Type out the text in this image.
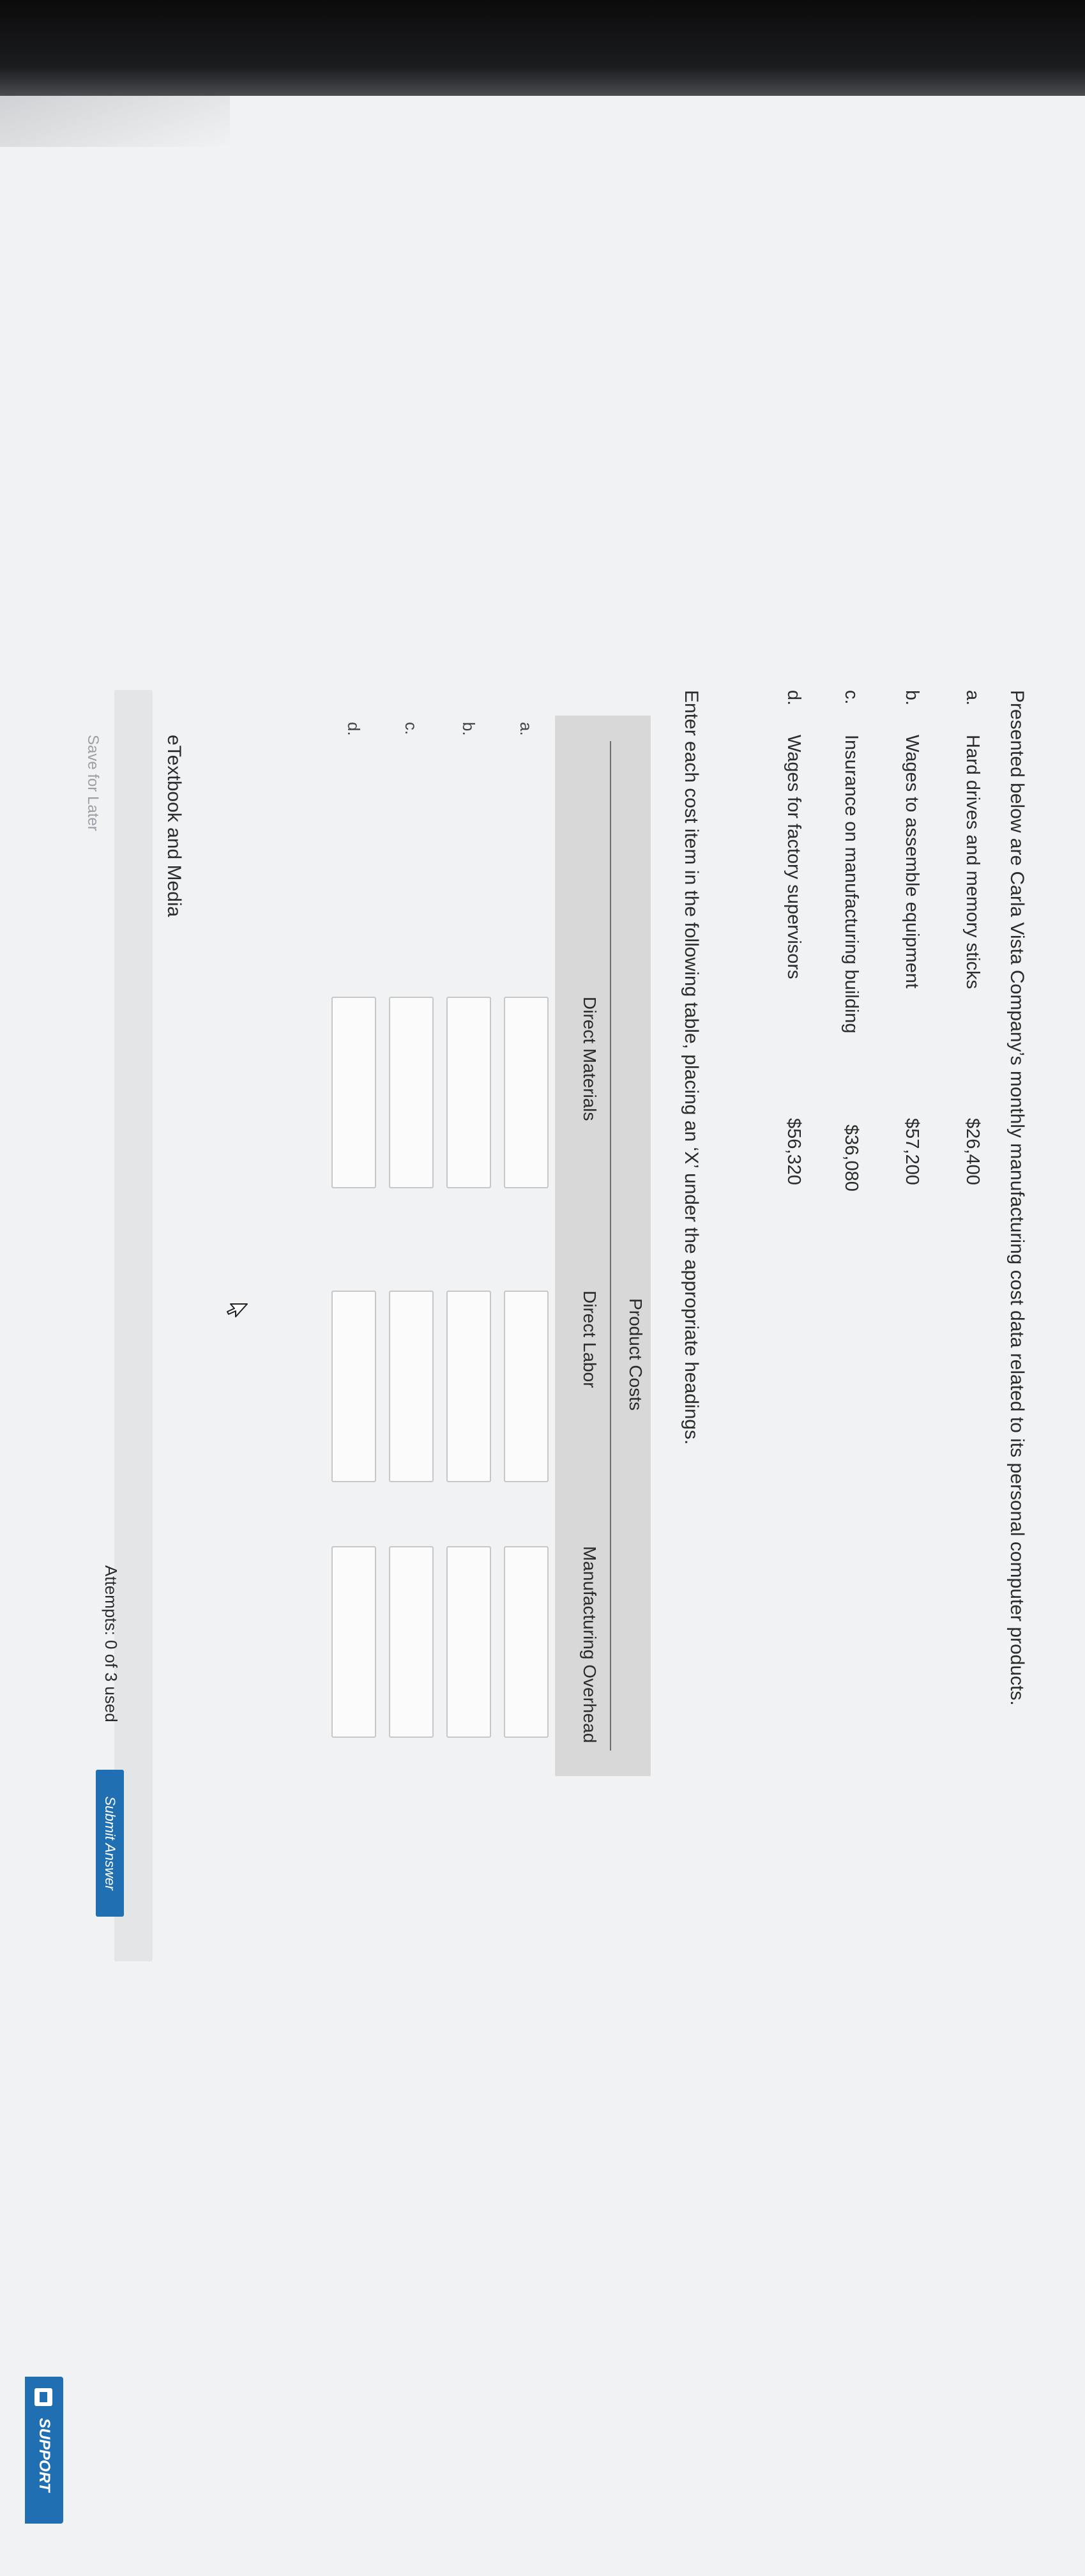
Presented below are Carla Vista Company’s monthly manufacturing cost data related to its personal computer products.
a.
Hard drives and memory sticks
$26,400
b.
Wages to assemble equipment
$57,200
c.
Insurance on manufacturing building
$36,080
d.
Wages for factory supervisors
$56,320
Enter each cost item in the following table, placing an ‘X’ under the appropriate headings.
Product Costs
Direct Materials
Direct Labor
Manufacturing Overhead
a.
b.
c.
d.
eTextbook and Media
Save for Later
Attempts: 0 of 3 used
Submit Answer
SUPPORT
